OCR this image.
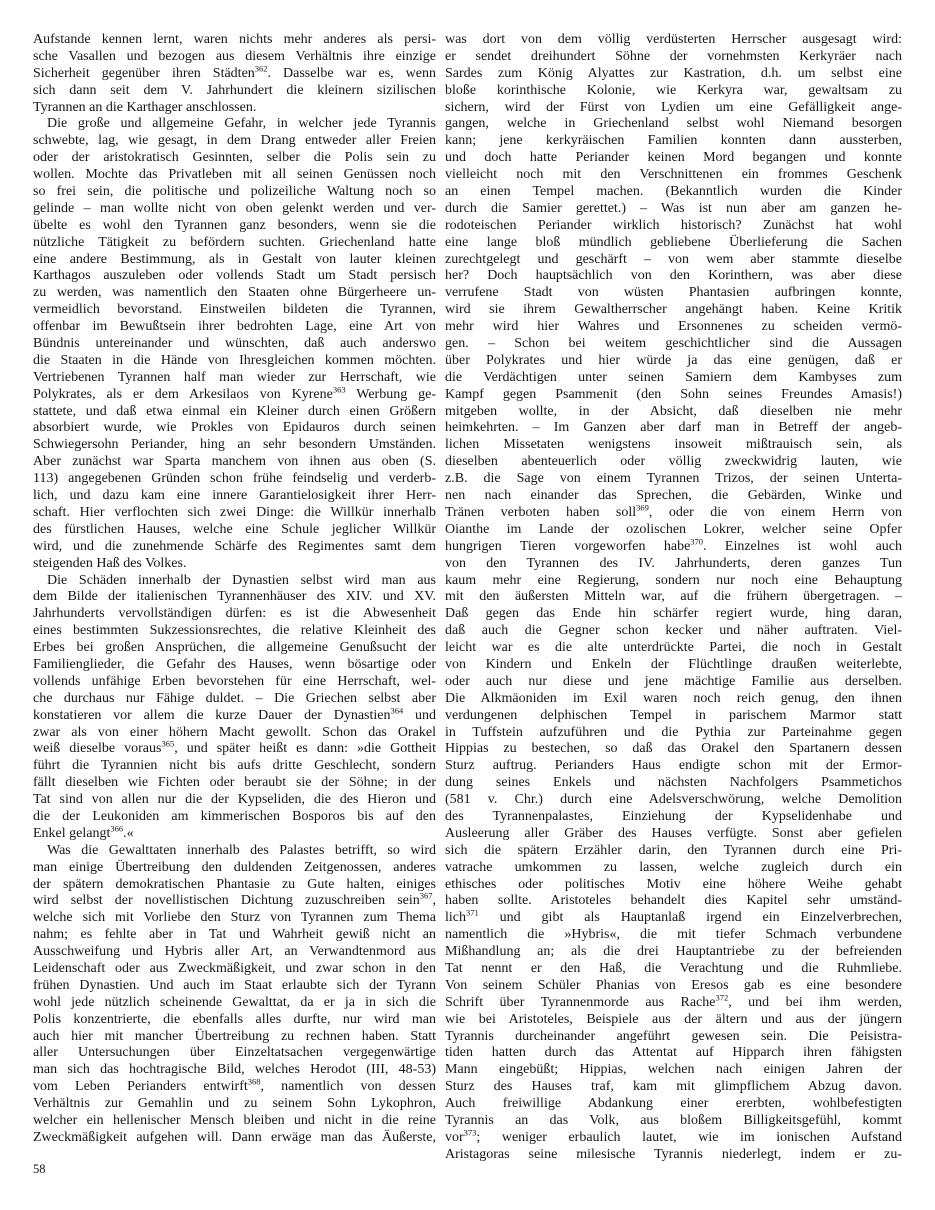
Aufstande kennen lernt, waren nichts mehr anderes als persi-
sche Vasallen und bezogen aus diesem Verhältnis ihre einzige
Sicherheit gegenüber ihren Städten$^{362}$. Dasselbe war es, wenn
sich dann seit dem V. Jahrhundert die kleinern sizilischen
Tyrannen an die Karthager anschlossen.
Die große und allgemeine Gefahr, in welcher jede Tyrannis
schwebte, lag, wie gesagt, in dem Drang entweder aller Freien
oder der aristokratisch Gesinnten, selber die Polis sein zu
wollen. Mochte das Privatleben mit all seinen Genüssen noch
so frei sein, die politische und polizeiliche Waltung noch so
gelinde – man wollte nicht von oben gelenkt werden und ver-
übelte es wohl den Tyrannen ganz besonders, wenn sie die
nützliche Tätigkeit zu befördern suchten. Griechenland hatte
eine andere Bestimmung, als in Gestalt von lauter kleinen
Karthagos auszuleben oder vollends Stadt um Stadt persisch
zu werden, was namentlich den Staaten ohne Bürgerheere un-
vermeidlich bevorstand. Einstweilen bildeten die Tyrannen,
offenbar im Bewußtsein ihrer bedrohten Lage, eine Art von
Bündnis untereinander und wünschten, daß auch anderswo
die Staaten in die Hände von Ihresgleichen kommen möchten.
Vertriebenen Tyrannen half man wieder zur Herrschaft, wie
Polykrates, als er dem Arkesilaos von Kyrene$^{363}$ Werbung ge-
stattete, und daß etwa einmal ein Kleiner durch einen Größern
absorbiert wurde, wie Prokles von Epidauros durch seinen
Schwiegersohn Periander, hing an sehr besondern Umständen.
Aber zunächst war Sparta manchem von ihnen aus oben (S.
113) angegebenen Gründen schon frühe feindselig und verderb-
lich, und dazu kam eine innere Garantielosigkeit ihrer Herr-
schaft. Hier verflochten sich zwei Dinge: die Willkür innerhalb
des fürstlichen Hauses, welche eine Schule jeglicher Willkür
wird, und die zunehmende Schärfe des Regimentes samt dem
steigenden Haß des Volkes.
Die Schäden innerhalb der Dynastien selbst wird man aus
dem Bilde der italienischen Tyrannenhäuser des XIV. und XV.
Jahrhunderts vervollständigen dürfen: es ist die Abwesenheit
eines bestimmten Sukzessionsrechtes, die relative Kleinheit des
Erbes bei großen Ansprüchen, die allgemeine Genußsucht der
Familienglieder, die Gefahr des Hauses, wenn bösartige oder
vollends unfähige Erben bevorstehen für eine Herrschaft, wel-
che durchaus nur Fähige duldet. – Die Griechen selbst aber
konstatieren vor allem die kurze Dauer der Dynastien$^{364}$ und
zwar als von einer höhern Macht gewollt. Schon das Orakel
weiß dieselbe voraus$^{365}$, und später heißt es dann: »die Gottheit
führt die Tyrannien nicht bis aufs dritte Geschlecht, sondern
fällt dieselben wie Fichten oder beraubt sie der Söhne; in der
Tat sind von allen nur die der Kypseliden, die des Hieron und
die der Leukoniden am kimmerischen Bosporos bis auf den
Enkel gelangt$^{366}$.«
Was die Gewalttaten innerhalb des Palastes betrifft, so wird
man einige Übertreibung den duldenden Zeitgenossen, anderes
der spätern demokratischen Phantasie zu Gute halten, einiges
wird selbst der novellistischen Dichtung zuzuschreiben sein$^{367}$,
welche sich mit Vorliebe den Sturz von Tyrannen zum Thema
nahm; es fehlte aber in Tat und Wahrheit gewiß nicht an
Ausschweifung und Hybris aller Art, an Verwandtenmord aus
Leidenschaft oder aus Zweckmäßigkeit, und zwar schon in den
frühen Dynastien. Und auch im Staat erlaubte sich der Tyrann
wohl jede nützlich scheinende Gewalttat, da er ja in sich die
Polis konzentrierte, die ebenfalls alles durfte, nur wird man
auch hier mit mancher Übertreibung zu rechnen haben. Statt
aller Untersuchungen über Einzeltatsachen vergegenwärtige
man sich das hochtragische Bild, welches Herodot (III, 48-53)
vom Leben Perianders entwirft$^{368}$, namentlich von dessen
Verhältnis zur Gemahlin und zu seinem Sohn Lykophron,
welcher ein hellenischer Mensch bleiben und nicht in die reine
Zweckmäßigkeit aufgehen will. Dann erwäge man das Äußerste,
was dort von dem völlig verdüsterten Herrscher ausgesagt wird:
er sendet dreihundert Söhne der vornehmsten Kerkyräer nach
Sardes zum König Alyattes zur Kastration, d.h. um selbst eine
bloße korinthische Kolonie, wie Kerkyra war, gewaltsam zu
sichern, wird der Fürst von Lydien um eine Gefälligkeit ange-
gangen, welche in Griechenland selbst wohl Niemand besorgen
kann; jene kerkyräischen Familien konnten dann aussterben,
und doch hatte Periander keinen Mord begangen und konnte
vielleicht noch mit den Verschnittenen ein frommes Geschenk
an einen Tempel machen. (Bekanntlich wurden die Kinder
durch die Samier gerettet.) – Was ist nun aber am ganzen he-
rodoteischen Periander wirklich historisch? Zunächst hat wohl
eine lange bloß mündlich gebliebene Überlieferung die Sachen
zurechtgelegt und geschärft – von wem aber stammte dieselbe
her? Doch hauptsächlich von den Korinthern, was aber diese
verrufene Stadt von wüsten Phantasien aufbringen konnte,
wird sie ihrem Gewaltherrscher angehängt haben. Keine Kritik
mehr wird hier Wahres und Ersonnenes zu scheiden vermö-
gen. – Schon bei weitem geschichtlicher sind die Aussagen
über Polykrates und hier würde ja das eine genügen, daß er
die Verdächtigen unter seinen Samiern dem Kambyses zum
Kampf gegen Psammenit (den Sohn seines Freundes Amasis!)
mitgeben wollte, in der Absicht, daß dieselben nie mehr
heimkehrten. – Im Ganzen aber darf man in Betreff der angeb-
lichen Missetaten wenigstens insoweit mißtrauisch sein, als
dieselben abenteuerlich oder völlig zweckwidrig lauten, wie
z.B. die Sage von einem Tyrannen Trizos, der seinen Unterta-
nen nach einander das Sprechen, die Gebärden, Winke und
Tränen verboten haben soll$^{369}$, oder die von einem Herrn von
Oianthe im Lande der ozolischen Lokrer, welcher seine Opfer
hungrigen Tieren vorgeworfen habe$^{370}$. Einzelnes ist wohl auch
von den Tyrannen des IV. Jahrhunderts, deren ganzes Tun
kaum mehr eine Regierung, sondern nur noch eine Behauptung
mit den äußersten Mitteln war, auf die frühern übergetragen. –
Daß gegen das Ende hin schärfer regiert wurde, hing daran,
daß auch die Gegner schon kecker und näher auftraten. Viel-
leicht war es die alte unterdrückte Partei, die noch in Gestalt
von Kindern und Enkeln der Flüchtlinge draußen weiterlebte,
oder auch nur diese und jene mächtige Familie aus derselben.
Die Alkmäoniden im Exil waren noch reich genug, den ihnen
verdungenen delphischen Tempel in parischem Marmor statt
in Tuffstein aufzuführen und die Pythia zur Parteinahme gegen
Hippias zu bestechen, so daß das Orakel den Spartanern dessen
Sturz auftrug. Perianders Haus endigte schon mit der Ermor-
dung seines Enkels und nächsten Nachfolgers Psammetichos
(581 v. Chr.) durch eine Adelsverschwörung, welche Demolition
des Tyrannenpalastes, Einziehung der Kypselidenhabe und
Ausleerung aller Gräber des Hauses verfügte. Sonst aber gefielen
sich die spätern Erzähler darin, den Tyrannen durch eine Pri-
vatrache umkommen zu lassen, welche zugleich durch ein
ethisches oder politisches Motiv eine höhere Weihe gehabt
haben sollte. Aristoteles behandelt dies Kapitel sehr umständ-
lich$^{371}$ und gibt als Hauptanlaß irgend ein Einzelverbrechen,
namentlich die »Hybris«, die mit tiefer Schmach verbundene
Mißhandlung an; als die drei Hauptantriebe zu der befreienden
Tat nennt er den Haß, die Verachtung und die Ruhmliebe.
Von seinem Schüler Phanias von Eresos gab es eine besondere
Schrift über Tyrannenmorde aus Rache$^{372}$, und bei ihm werden,
wie bei Aristoteles, Beispiele aus der ältern und aus der jüngern
Tyrannis durcheinander angeführt gewesen sein. Die Peisistra-
tiden hatten durch das Attentat auf Hipparch ihren fähigsten
Mann eingebüßt; Hippias, welchen nach einigen Jahren der
Sturz des Hauses traf, kam mit glimpflichem Abzug davon.
Auch freiwillige Abdankung einer ererbten, wohlbefestigten
Tyrannis an das Volk, aus bloßem Billigkeitsgefühl, kommt
vor$^{373}$; weniger erbaulich lautet, wie im ionischen Aufstand
Aristagoras seine milesische Tyrannis niederlegt, indem er zu-
58
